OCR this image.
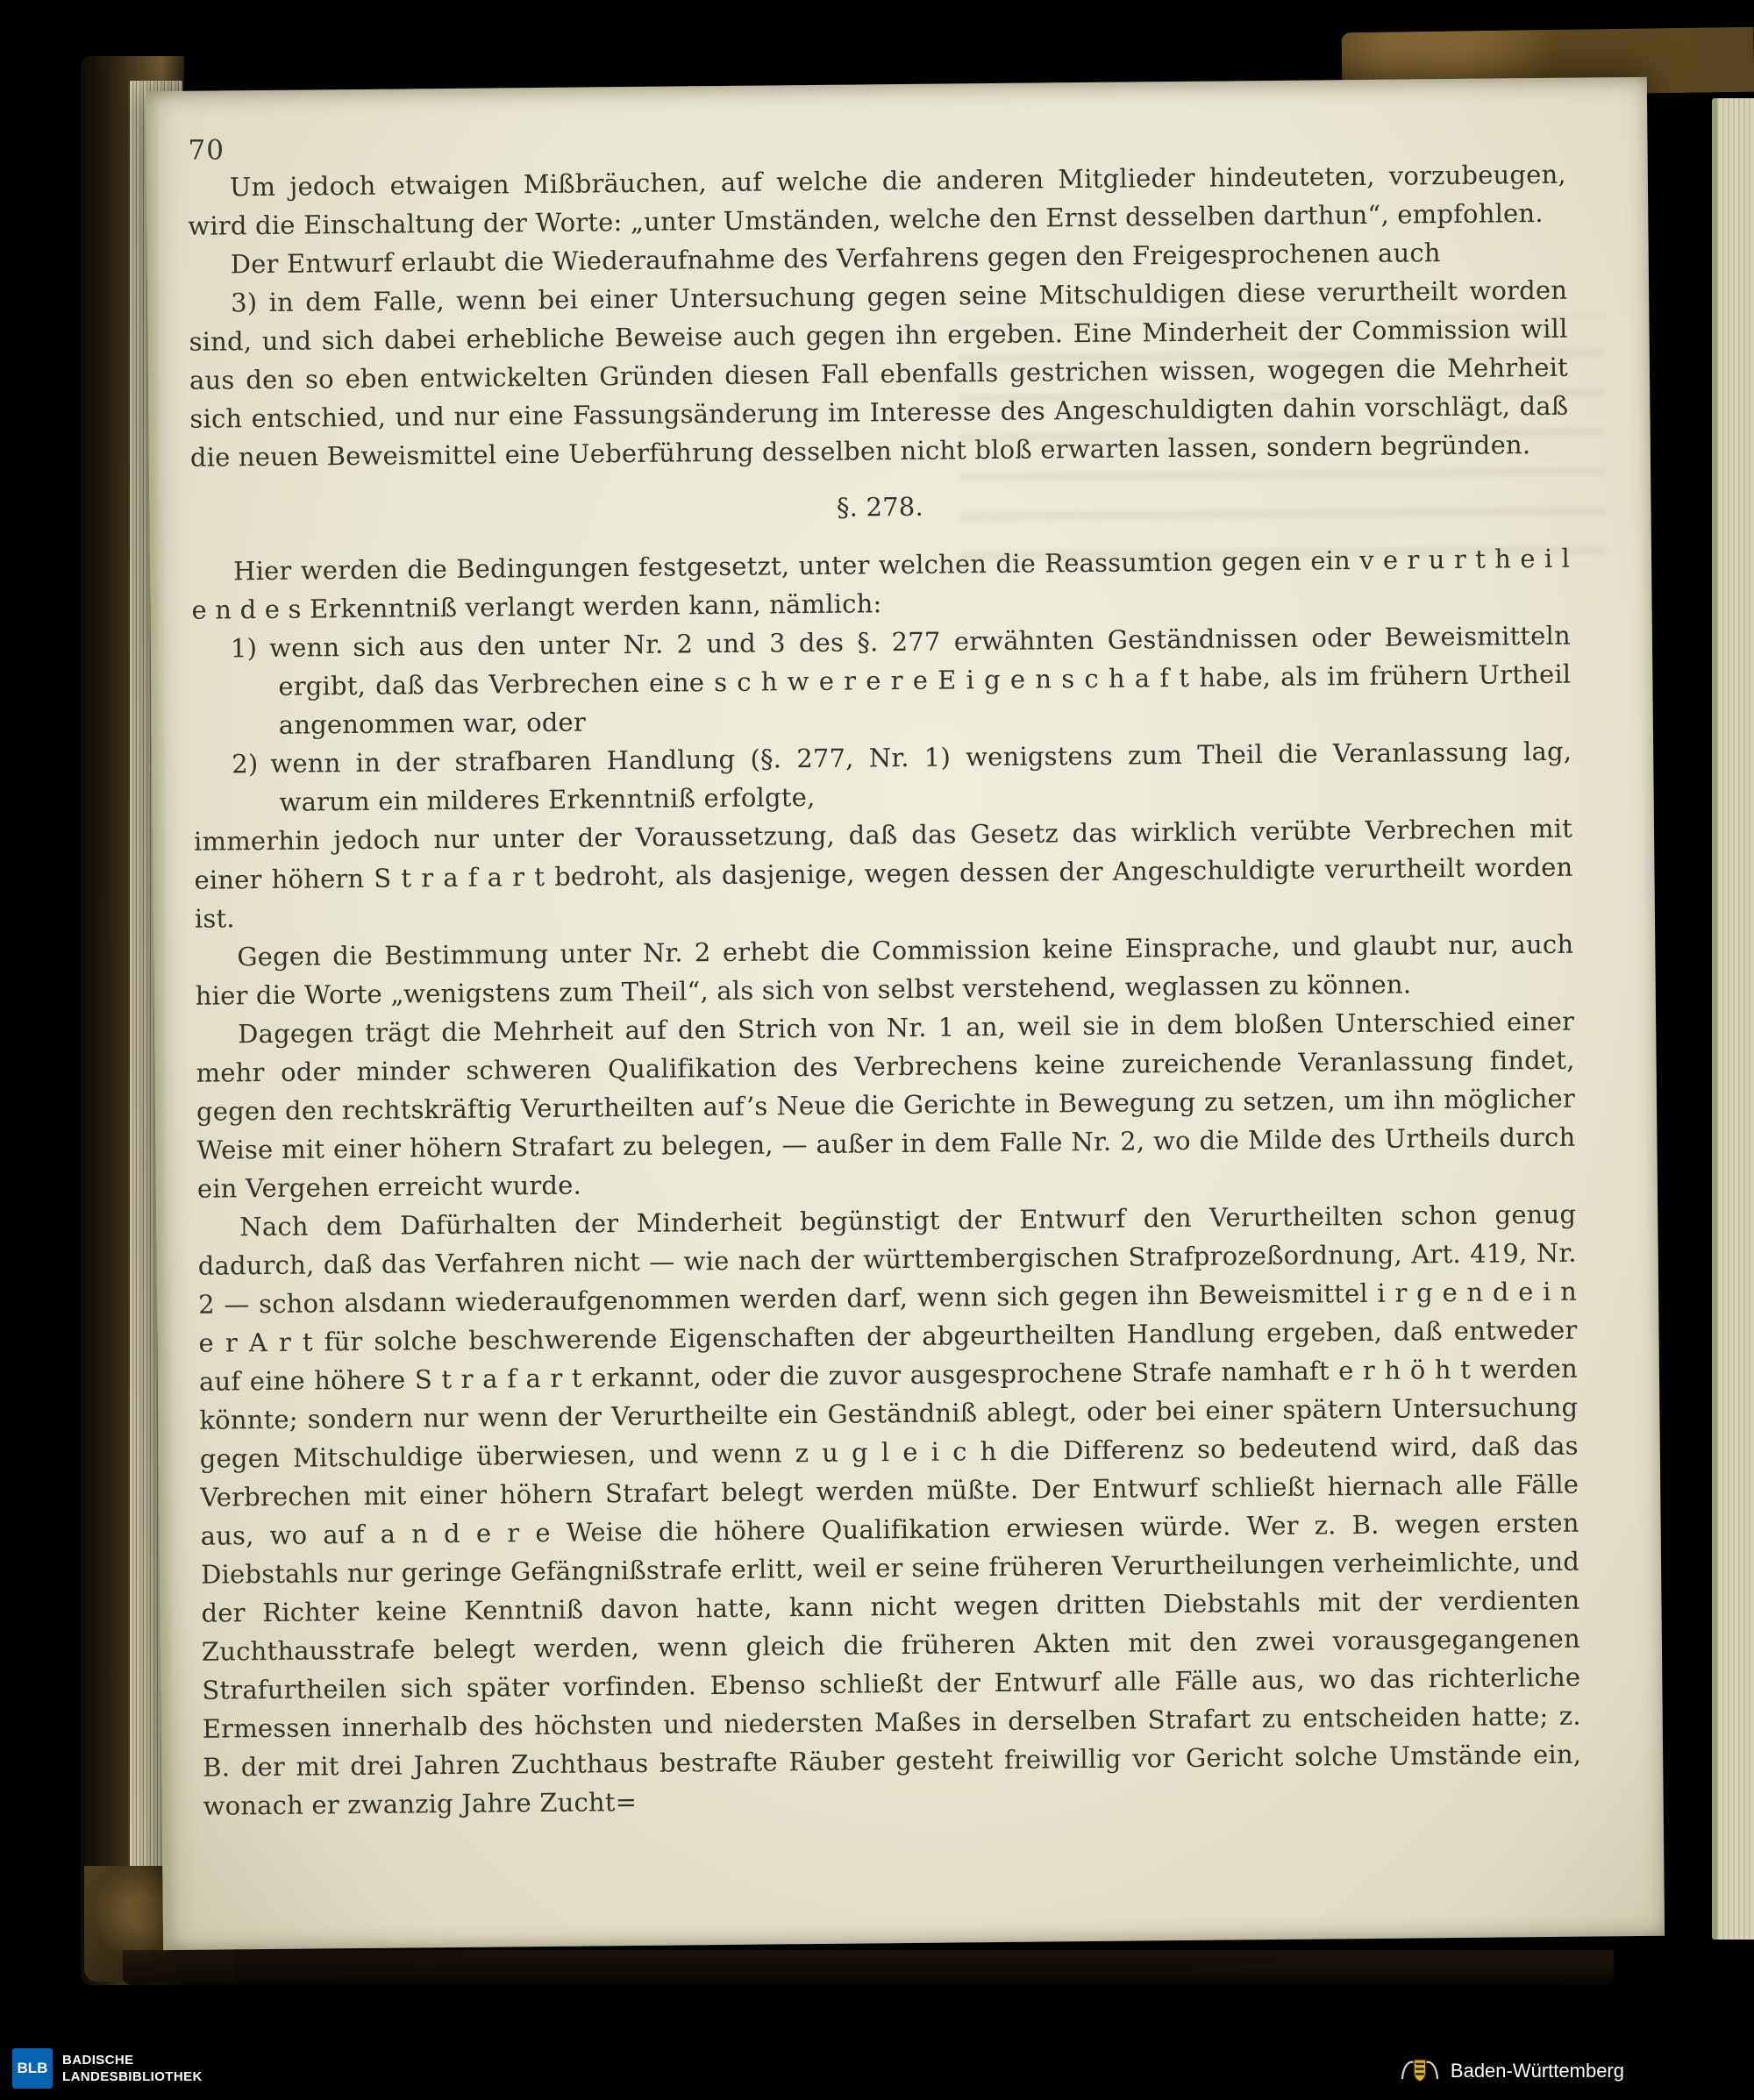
70

Um jedoch etwaigen Mißbräuchen, auf welche die anderen Mitglieder hindeuteten, vorzubeugen, wird die Einschaltung der Worte: „unter Umständen, welche den Ernst desselben darthun“, empfohlen.

Der Entwurf erlaubt die Wiederaufnahme des Verfahrens gegen den Freigesprochenen auch

3) in dem Falle, wenn bei einer Untersuchung gegen seine Mitschuldigen diese verurtheilt worden sind, und sich dabei erhebliche Beweise auch gegen ihn ergeben. Eine Minderheit der Commission will aus den so eben entwickelten Gründen diesen Fall ebenfalls gestrichen wissen, wogegen die Mehrheit sich entschied, und nur eine Fassungsänderung im Interesse des Angeschuldigten dahin vorschlägt, daß die neuen Beweismittel eine Ueberführung desselben nicht bloß erwarten lassen, sondern begründen.

§. 278.

Hier werden die Bedingungen festgesetzt, unter welchen die Reassumtion gegen ein v e r u r t h e i l e n d e s Erkenntniß verlangt werden kann, nämlich:

1) wenn sich aus den unter Nr. 2 und 3 des §. 277 erwähnten Geständnissen oder Beweismitteln ergibt, daß das Verbrechen eine s c h w e r e r e E i g e n s c h a f t habe, als im frühern Urtheil angenommen war, oder
2) wenn in der strafbaren Handlung (§. 277, Nr. 1) wenigstens zum Theil die Veranlassung lag, warum ein milderes Erkenntniß erfolgte,

immerhin jedoch nur unter der Voraussetzung, daß das Gesetz das wirklich verübte Verbrechen mit einer höhern S t r a f a r t bedroht, als dasjenige, wegen dessen der Angeschuldigte verurtheilt worden ist.

Gegen die Bestimmung unter Nr. 2 erhebt die Commission keine Einsprache, und glaubt nur, auch hier die Worte „wenigstens zum Theil“, als sich von selbst verstehend, weglassen zu können.

Dagegen trägt die Mehrheit auf den Strich von Nr. 1 an, weil sie in dem bloßen Unterschied einer mehr oder minder schweren Qualifikation des Verbrechens keine zureichende Veranlassung findet, gegen den rechtskräftig Verurtheilten auf’s Neue die Gerichte in Bewegung zu setzen, um ihn möglicher Weise mit einer höhern Strafart zu belegen, — außer in dem Falle Nr. 2, wo die Milde des Urtheils durch ein Vergehen erreicht wurde.

Nach dem Dafürhalten der Minderheit begünstigt der Entwurf den Verurtheilten schon genug dadurch, daß das Verfahren nicht — wie nach der württembergischen Strafprozeßordnung, Art. 419, Nr. 2 — schon alsdann wiederaufgenommen werden darf, wenn sich gegen ihn Beweismittel i r g e n d e i n e r A r t für solche beschwerende Eigenschaften der abgeurtheilten Handlung ergeben, daß entweder auf eine höhere S t r a f a r t erkannt, oder die zuvor ausgesprochene Strafe namhaft e r h ö h t werden könnte; sondern nur wenn der Verurtheilte ein Geständniß ablegt, oder bei einer spätern Untersuchung gegen Mitschuldige überwiesen, und wenn z u g l e i c h die Differenz so bedeutend wird, daß das Verbrechen mit einer höhern Strafart belegt werden müßte. Der Entwurf schließt hiernach alle Fälle aus, wo auf a n d e r e Weise die höhere Qualifikation erwiesen würde. Wer z. B. wegen ersten Diebstahls nur geringe Gefängnißstrafe erlitt, weil er seine früheren Verurtheilungen verheimlichte, und der Richter keine Kenntniß davon hatte, kann nicht wegen dritten Diebstahls mit der verdienten Zuchthausstrafe belegt werden, wenn gleich die früheren Akten mit den zwei vorausgegangenen Strafurtheilen sich später vorfinden. Ebenso schließt der Entwurf alle Fälle aus, wo das richterliche Ermessen innerhalb des höchsten und niedersten Maßes in derselben Strafart zu entscheiden hatte; z. B. der mit drei Jahren Zuchthaus bestrafte Räuber gesteht freiwillig vor Gericht solche Umstände ein, wonach er zwanzig Jahre Zucht=

BLB	BADISCHE
LANDESBIBLIOTHEK	Baden-Württemberg
